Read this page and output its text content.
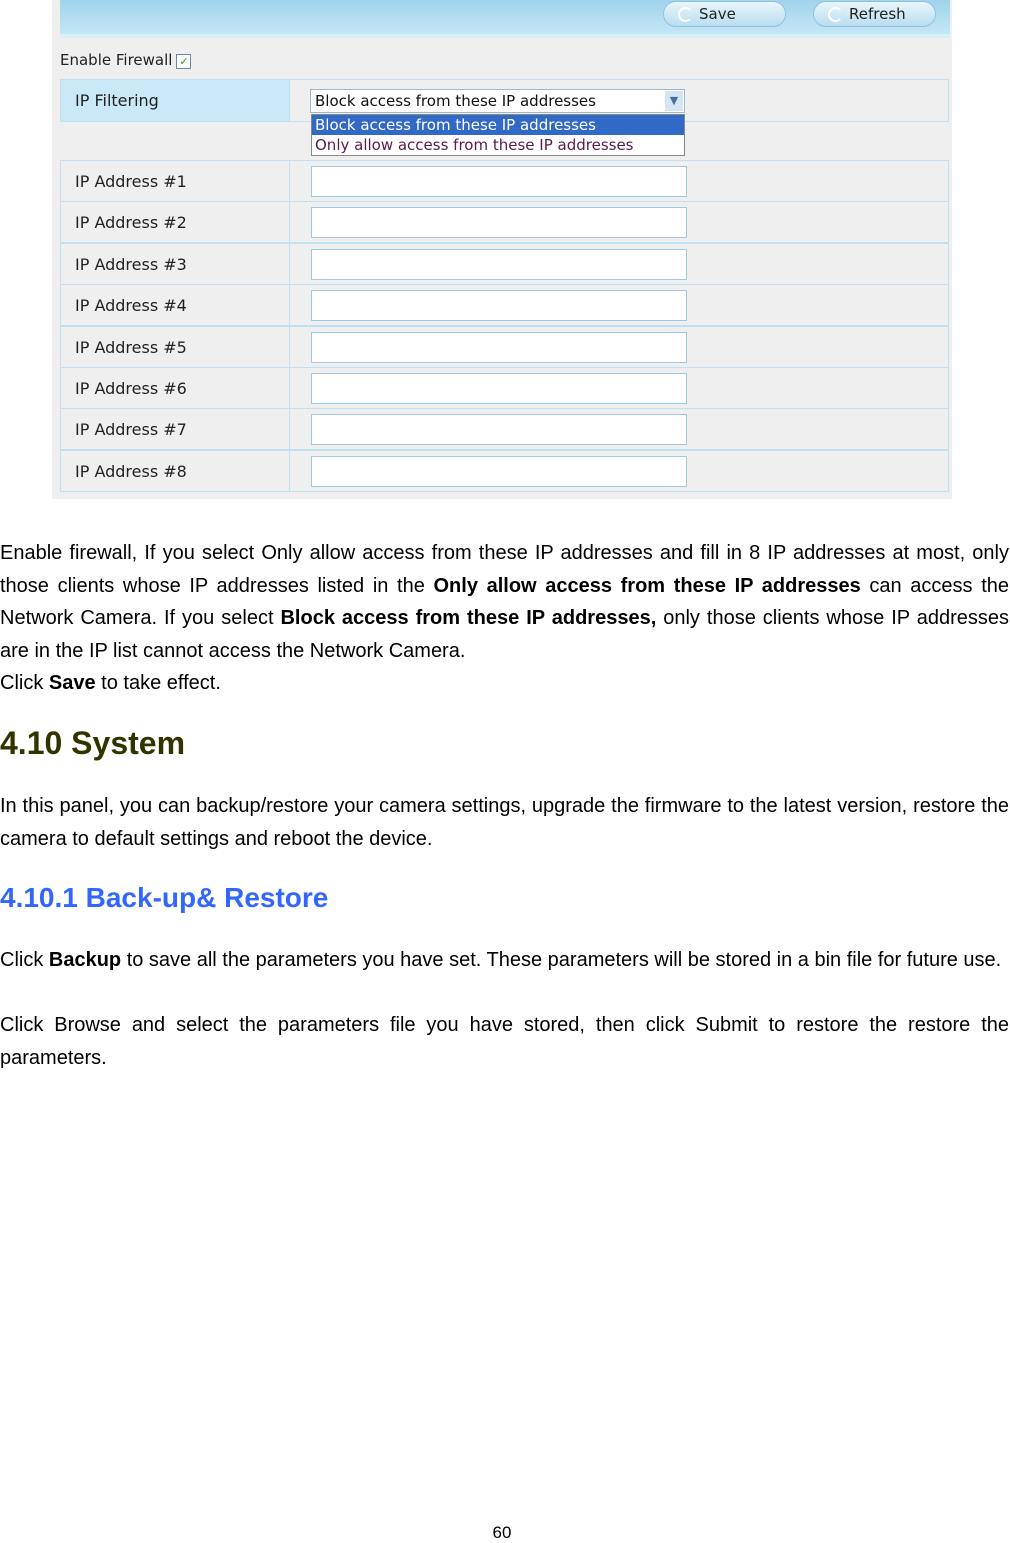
Save	Refresh
Enable Firewall ✓
IP Filtering	Block access from these IP addresses	▼
Block access from these IP addresses
Only allow access from these IP addresses
IP Address #1
IP Address #2
IP Address #3
IP Address #4
IP Address #5
IP Address #6
IP Address #7
IP Address #8
Enable firewall, If you select Only allow access from these IP addresses and fill in 8 IP addresses at most, only those clients whose IP addresses listed in the Only allow access from these IP addresses can access the Network Camera. If you select Block access from these IP addresses, only those clients whose IP addresses are in the IP list cannot access the Network Camera.
Click Save to take effect.
4.10 System
In this panel, you can backup/restore your camera settings, upgrade the firmware to the latest version, restore the camera to default settings and reboot the device.
4.10.1 Back-up& Restore
Click Backup to save all the parameters you have set. These parameters will be stored in a bin file for future use.
Click Browse and select the parameters file you have stored, then click Submit to restore the restore the parameters.
60
